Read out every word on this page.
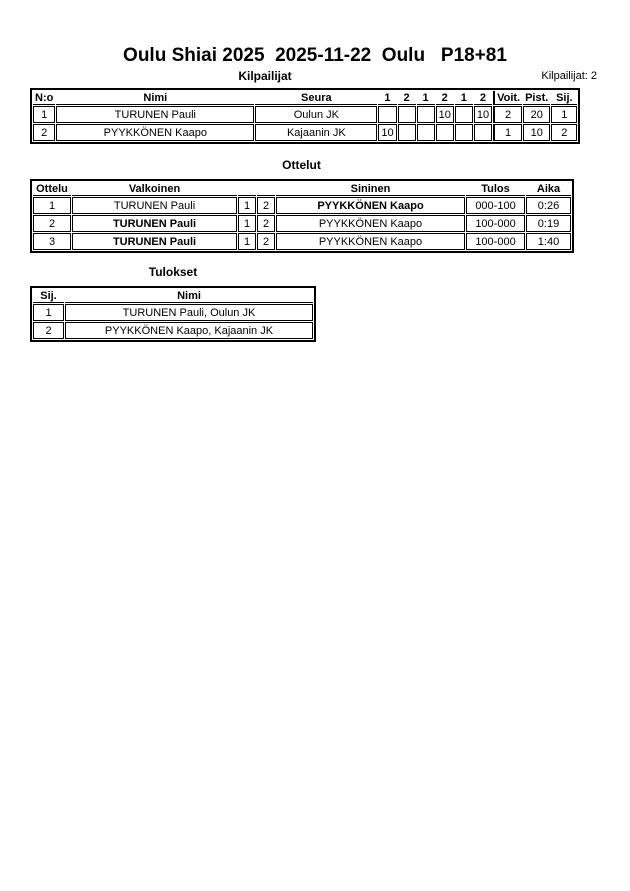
Oulu Shiai 2025  2025-11-22  Oulu   P18+81
Kilpailijat	Kilpailijat: 2
N:o	Nimi	Seura	1	2	1	2	1	2	Voit.	Pist.	Sij.
1	TURUNEN Pauli	Oulun JK				10		10	2	20	1
2	PYYKKÖNEN Kaapo	Kajaanin JK	10						1	10	2
Ottelut
Ottelu	Valkoinen			Sininen	Tulos	Aika
1	TURUNEN Pauli	1	2	PYYKKÖNEN Kaapo	000-100	0:26
2	TURUNEN Pauli	1	2	PYYKKÖNEN Kaapo	100-000	0:19
3	TURUNEN Pauli	1	2	PYYKKÖNEN Kaapo	100-000	1:40
Tulokset
Sij.	Nimi
1	TURUNEN Pauli, Oulun JK
2	PYYKKÖNEN Kaapo, Kajaanin JK
